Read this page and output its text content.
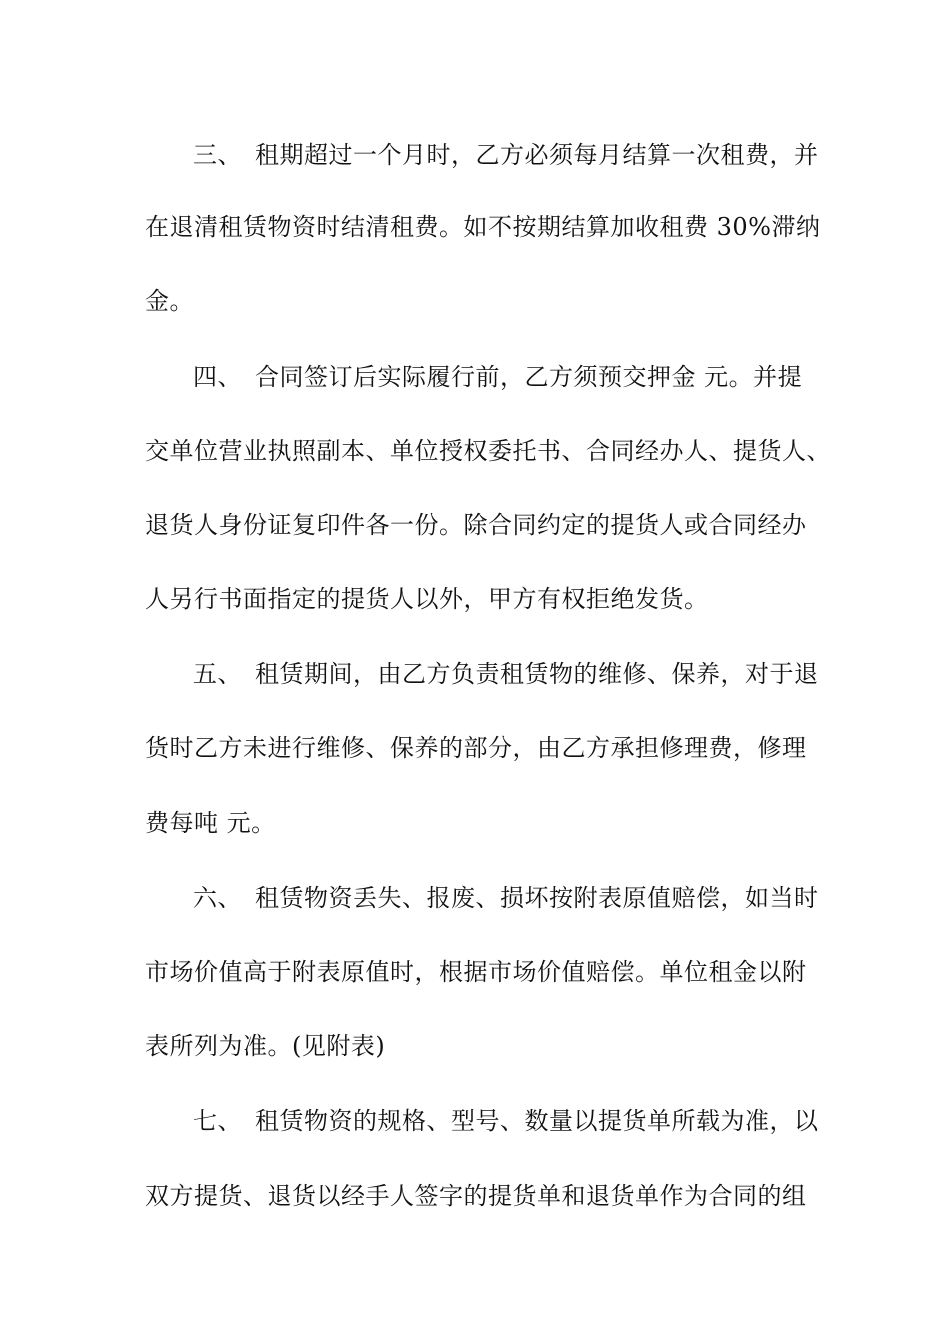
三、 租期超过一个月时，乙方必须每月结算一次租费，并
在退清租赁物资时结清租费。如不按期结算加收租费 30%滞纳
金。
四、 合同签订后实际履行前，乙方须预交押金 元。并提
交单位营业执照副本、单位授权委托书、合同经办人、提货人、
退货人身份证复印件各一份。除合同约定的提货人或合同经办
人另行书面指定的提货人以外，甲方有权拒绝发货。
五、 租赁期间，由乙方负责租赁物的维修、保养，对于退
货时乙方未进行维修、保养的部分，由乙方承担修理费，修理
费每吨 元。
六、 租赁物资丢失、报废、损坏按附表原值赔偿，如当时
市场价值高于附表原值时，根据市场价值赔偿。单位租金以附
表所列为准。(见附表)
七、 租赁物资的规格、型号、数量以提货单所载为准，以
双方提货、退货以经手人签字的提货单和退货单作为合同的组
